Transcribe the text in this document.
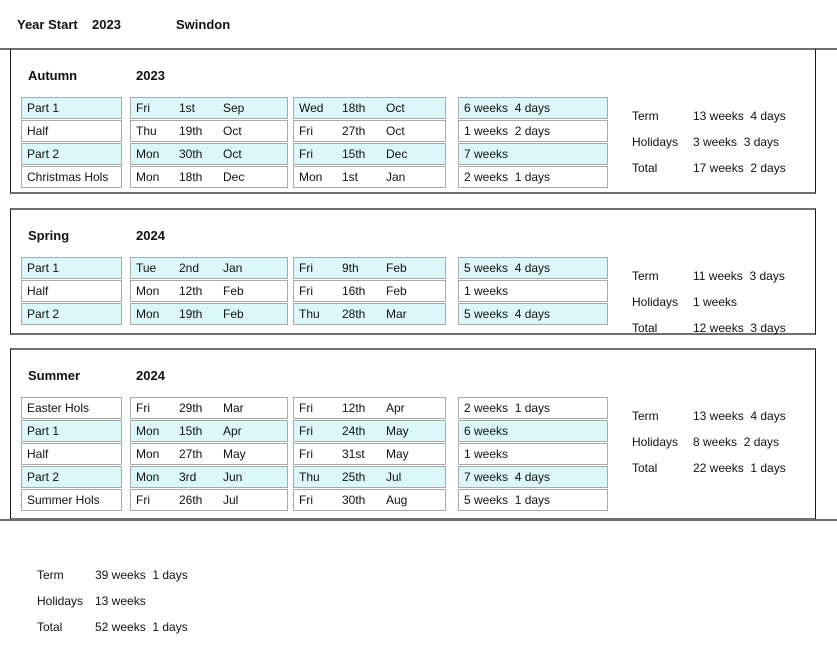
Year Start 2023	Swindon
Autumn	2023
Part 1	Fri	1st	Sep	Wed	18th	Oct	6 weeks  4 days
Half	Thu	19th	Oct	Fri	27th	Oct	1 weeks  2 days
Part 2	Mon	30th	Oct	Fri	15th	Dec	7 weeks
Christmas Hols Mon	18th	Dec	Mon	1st	Jan	2 weeks  1 days
Term	13 weeks  4 days
Holidays 3 weeks  3 days
Total	17 weeks  2 days
Spring	2024
Part 1	Tue	2nd	Jan	Fri	9th	Feb	5 weeks  4 days
Half	Mon	12th	Feb	Fri	16th	Feb	1 weeks
Part 2	Mon	19th	Feb	Thu	28th	Mar	5 weeks  4 days
Term	11 weeks  3 days
Holidays 1 weeks
Total	12 weeks  3 days
Summer	2024
Easter Hols	Fri	29th	Mar	Fri	12th	Apr	2 weeks  1 days
Part 1	Mon	15th	Apr	Fri	24th	May	6 weeks
Half	Mon	27th	May	Fri	31st	May	1 weeks
Part 2	Mon	3rd	Jun	Thu	25th	Jul	7 weeks  4 days
Summer Hols	Fri	26th	Jul	Fri	30th	Aug	5 weeks  1 days
Term	13 weeks  4 days
Holidays 8 weeks  2 days
Total	22 weeks  1 days
Term	39 weeks  1 days
Holidays 13 weeks
Total	52 weeks  1 days
